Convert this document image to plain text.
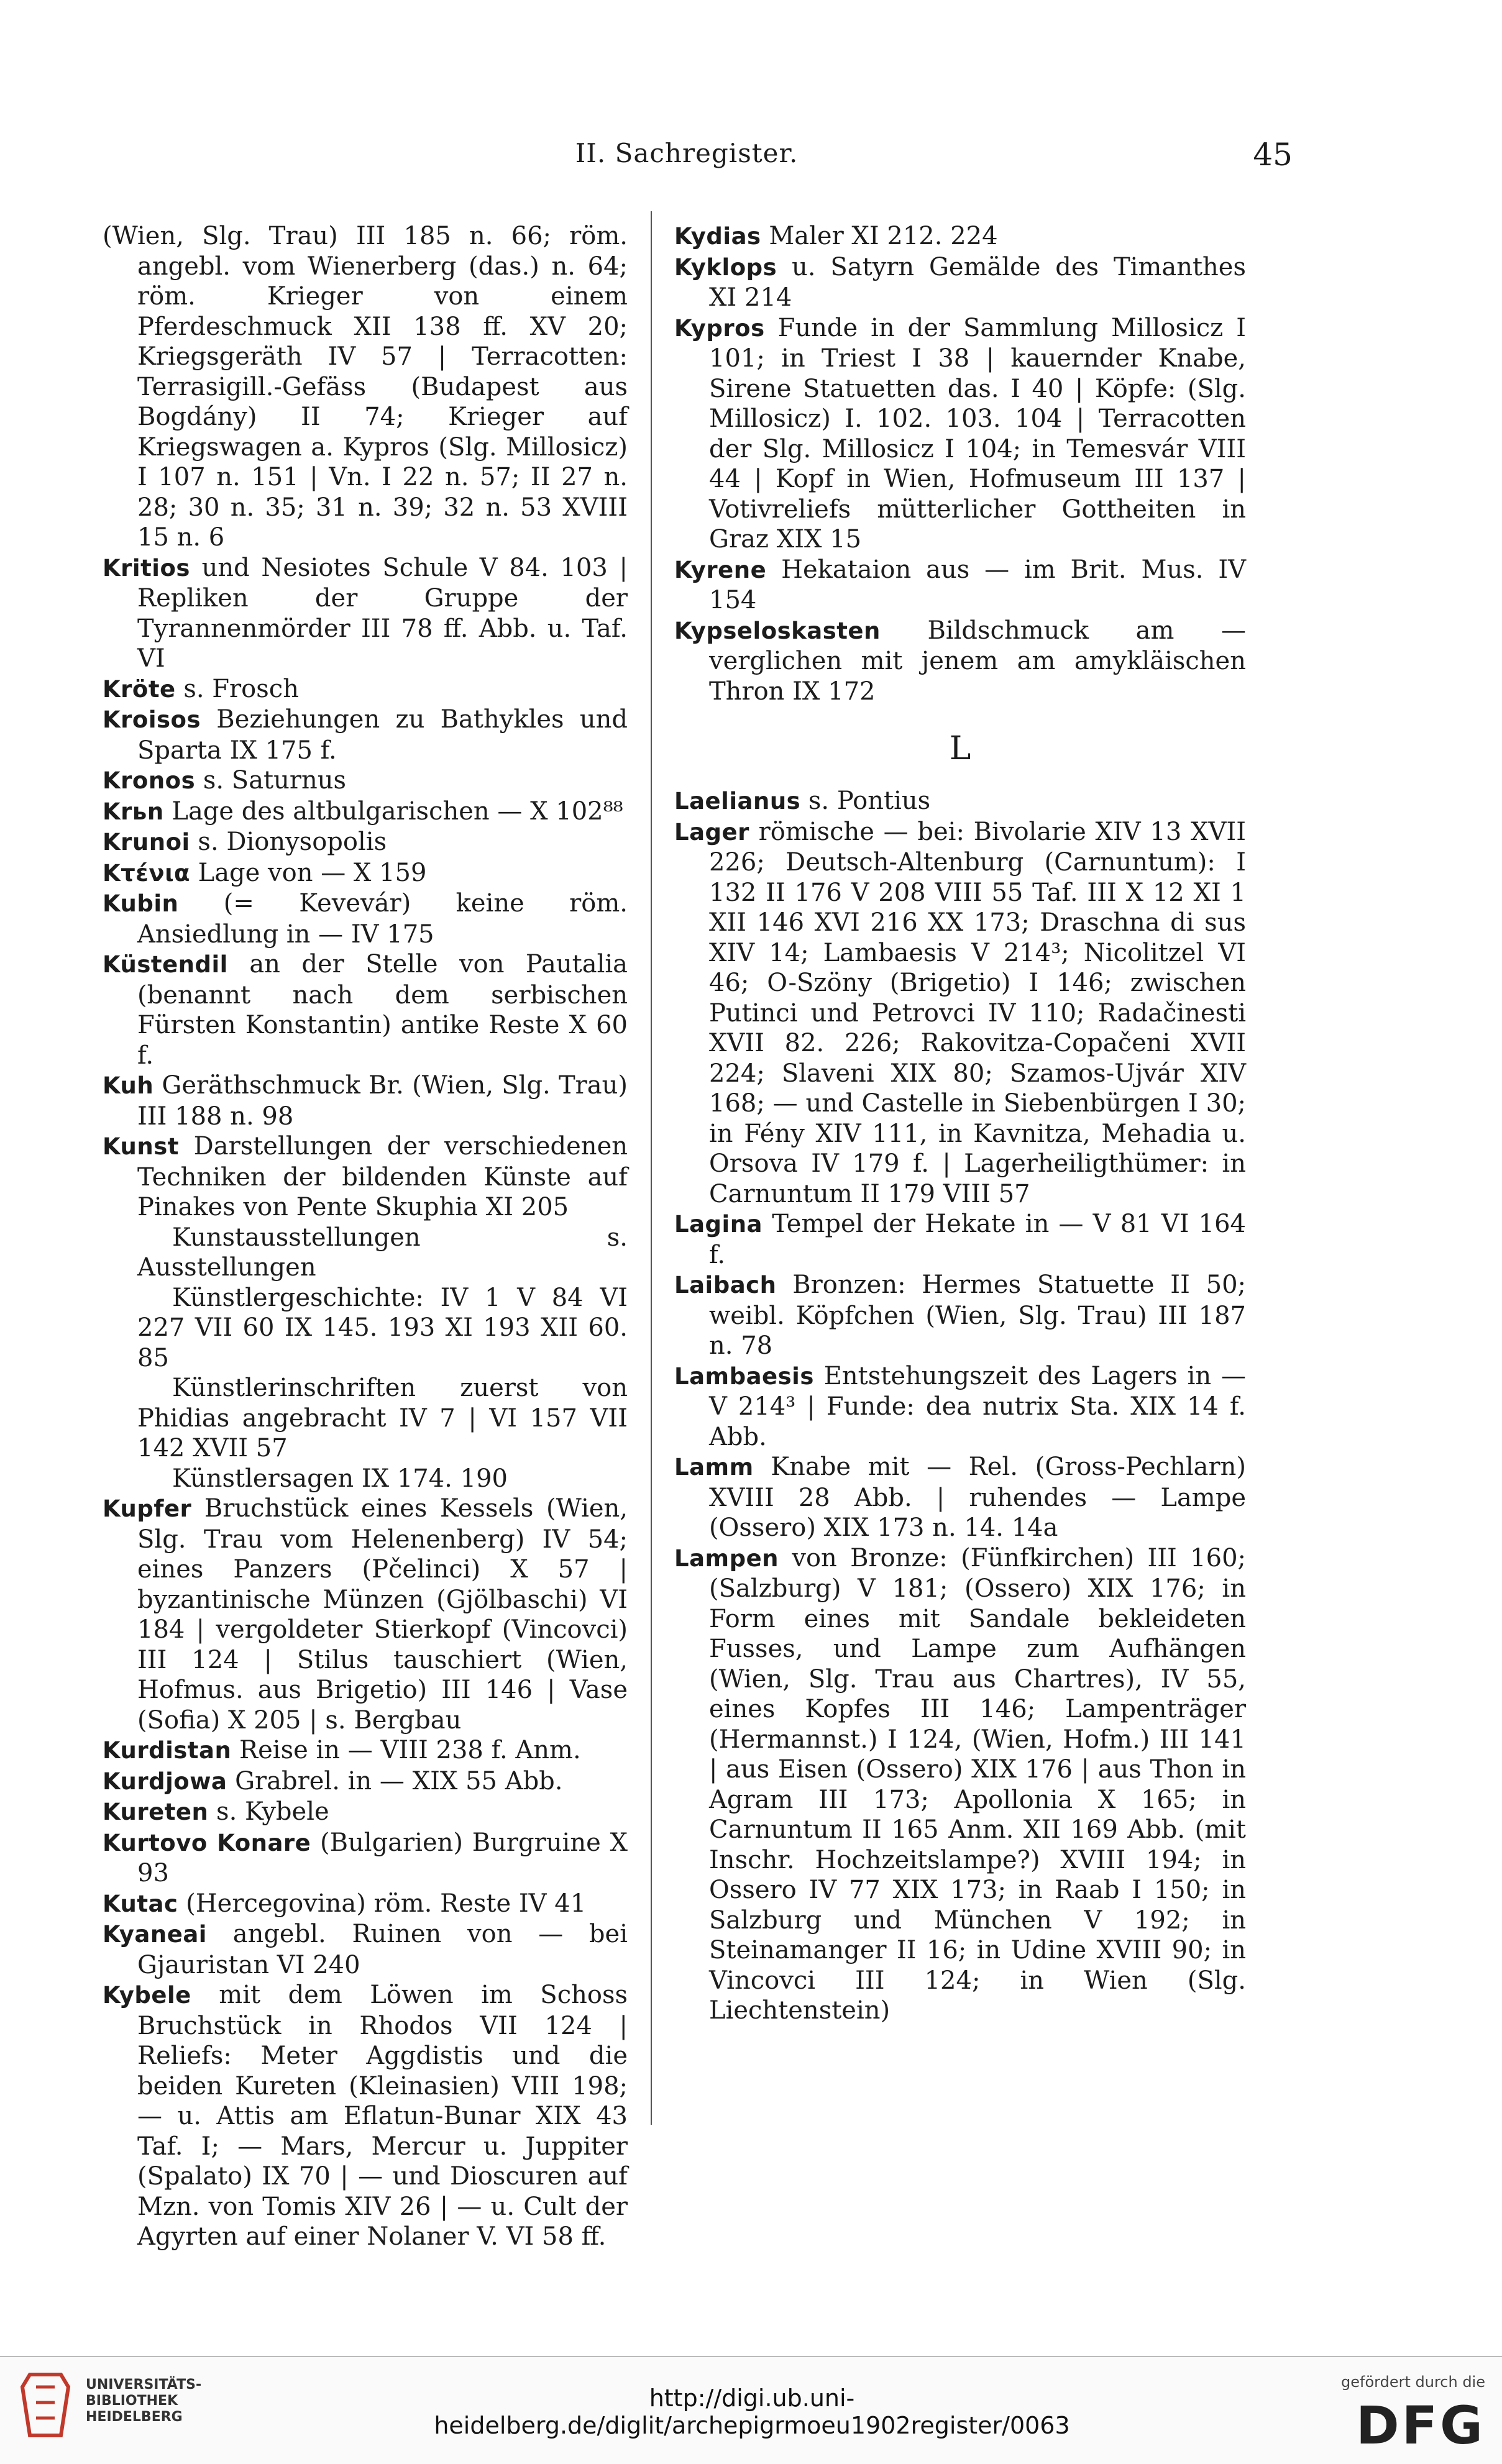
II. Sachregister.	45

(Wien, Slg. Trau) III 185 n. 66; röm. angebl. vom Wienerberg (das.) n. 64; röm. Krieger von einem Pferdeschmuck XII 138 ff. XV 20; Kriegsgeräth IV 57 | Terracotten: Terrasigill.-Gefäss (Budapest aus Bogdány) II 74; Krieger auf Kriegswagen a. Kypros (Slg. Millosicz) I 107 n. 151 | Vn. I 22 n. 57; II 27 n. 28; 30 n. 35; 31 n. 39; 32 n. 53 XVIII 15 n. 6

Kritios und Nesiotes Schule V 84. 103 | Repliken der Gruppe der Tyrannenmörder III 78 ff. Abb. u. Taf. VI

Kröte s. Frosch

Kroisos Beziehungen zu Bathykles und Sparta IX 175 f.

Kronos s. Saturnus

Krьn Lage des altbulgarischen — X 102⁸⁸

Krunoi s. Dionysopolis

Κτένια Lage von — X 159

Kubin (= Kevevár) keine röm. Ansiedlung in — IV 175

Küstendil an der Stelle von Pautalia (benannt nach dem serbischen Fürsten Konstantin) antike Reste X 60 f.

Kuh Geräthschmuck Br. (Wien, Slg. Trau) III 188 n. 98

Kunst Darstellungen der verschiedenen Techniken der bildenden Künste auf Pinakes von Pente Skuphia XI 205

Kunstausstellungen s. Ausstellungen

Künstlergeschichte: IV 1 V 84 VI 227 VII 60 IX 145. 193 XI 193 XII 60. 85

Künstlerinschriften zuerst von Phidias angebracht IV 7 | VI 157 VII 142 XVII 57

Künstlersagen IX 174. 190

Kupfer Bruchstück eines Kessels (Wien, Slg. Trau vom Helenenberg) IV 54; eines Panzers (Pčelinci) X 57 | byzantinische Münzen (Gjölbaschi) VI 184 | vergoldeter Stierkopf (Vincovci) III 124 | Stilus tauschiert (Wien, Hofmus. aus Brigetio) III 146 | Vase (Sofia) X 205 | s. Bergbau

Kurdistan Reise in — VIII 238 f. Anm.

Kurdjowa Grabrel. in — XIX 55 Abb.

Kureten s. Kybele

Kurtovo Konare (Bulgarien) Burgruine X 93

Kutac (Hercegovina) röm. Reste IV 41

Kyaneai angebl. Ruinen von — bei Gjauristan VI 240

Kybele mit dem Löwen im Schoss Bruchstück in Rhodos VII 124 | Reliefs: Meter Aggdistis und die beiden Kureten (Kleinasien) VIII 198; — u. Attis am Eflatun-Bunar XIX 43 Taf. I; — Mars, Mercur u. Juppiter (Spalato) IX 70 | — und Dioscuren auf Mzn. von Tomis XIV 26 | — u. Cult der Agyrten auf einer Nolaner V. VI 58 ff.

Kydias Maler XI 212. 224

Kyklops u. Satyrn Gemälde des Timanthes XI 214

Kypros Funde in der Sammlung Millosicz I 101; in Triest I 38 | kauernder Knabe, Sirene Statuetten das. I 40 | Köpfe: (Slg. Millosicz) I. 102. 103. 104 | Terracotten der Slg. Millosicz I 104; in Temesvár VIII 44 | Kopf in Wien, Hofmuseum III 137 | Votivreliefs mütterlicher Gottheiten in Graz XIX 15

Kyrene Hekataion aus — im Brit. Mus. IV 154

Kypseloskasten Bildschmuck am — verglichen mit jenem am amykläischen Thron IX 172

L

Laelianus s. Pontius

Lager römische — bei: Bivolarie XIV 13 XVII 226; Deutsch-Altenburg (Carnuntum): I 132 II 176 V 208 VIII 55 Taf. III X 12 XI 1 XII 146 XVI 216 XX 173; Draschna di sus XIV 14; Lambaesis V 214³; Nicolitzel VI 46; O-Szöny (Brigetio) I 146; zwischen Putinci und Petrovci IV 110; Radačinesti XVII 82. 226; Rakovitza-Copačeni XVII 224; Slaveni XIX 80; Szamos-Ujvár XIV 168; — und Castelle in Siebenbürgen I 30; in Fény XIV 111, in Kavnitza, Mehadia u. Orsova IV 179 f. | Lagerheiligthümer: in Carnuntum II 179 VIII 57

Lagina Tempel der Hekate in — V 81 VI 164 f.

Laibach Bronzen: Hermes Statuette II 50; weibl. Köpfchen (Wien, Slg. Trau) III 187 n. 78

Lambaesis Entstehungszeit des Lagers in — V 214³ | Funde: dea nutrix Sta. XIX 14 f. Abb.

Lamm Knabe mit — Rel. (Gross-Pechlarn) XVIII 28 Abb. | ruhendes — Lampe (Ossero) XIX 173 n. 14. 14a

Lampen von Bronze: (Fünfkirchen) III 160; (Salzburg) V 181; (Ossero) XIX 176; in Form eines mit Sandale bekleideten Fusses, und Lampe zum Aufhängen (Wien, Slg. Trau aus Chartres), IV 55, eines Kopfes III 146; Lampenträger (Hermannst.) I 124, (Wien, Hofm.) III 141 | aus Eisen (Ossero) XIX 176 | aus Thon in Agram III 173; Apollonia X 165; in Carnuntum II 165 Anm. XII 169 Abb. (mit Inschr. Hochzeitslampe?) XVIII 194; in Ossero IV 77 XIX 173; in Raab I 150; in Salzburg und München V 192; in Steinamanger II 16; in Udine XVIII 90; in Vincovci III 124; in Wien (Slg. Liechtenstein)

UNIVERSITÄTS-
BIBLIOTHEK
HEIDELBERG
http://digi.ub.uni-heidelberg.de/diglit/archepigrmoeu1902register/0063
gefördert durch die
DFG
